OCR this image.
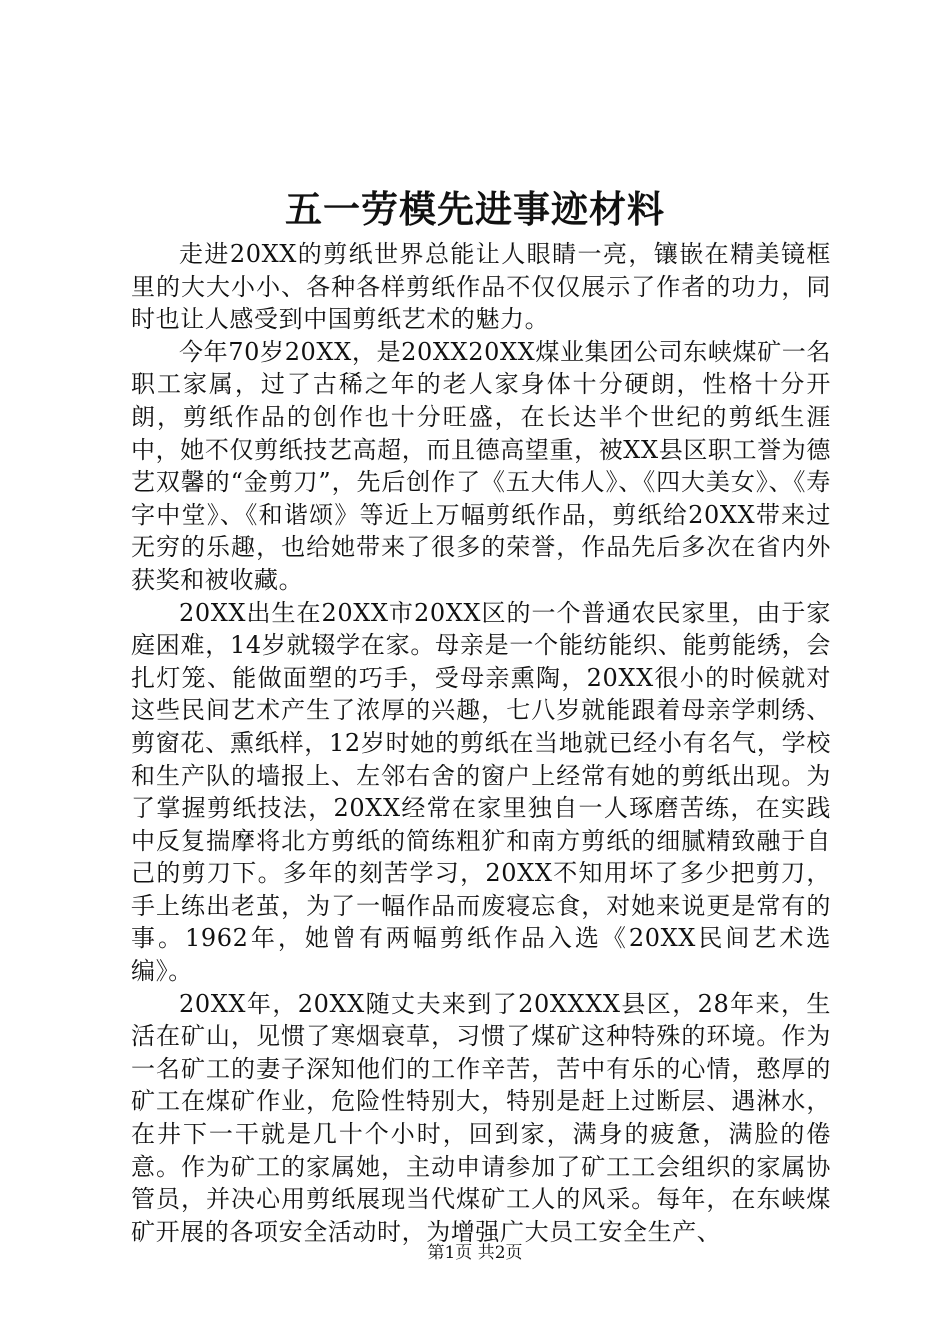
五一劳模先进事迹材料

走进20XX的剪纸世界总能让人眼睛一亮，镶嵌在精美镜框里的大大小小、各种各样剪纸作品不仅仅展示了作者的功力，同时也让人感受到中国剪纸艺术的魅力。

今年70岁20XX，是20XX20XX煤业集团公司东峡煤矿一名职工家属，过了古稀之年的老人家身体十分硬朗，性格十分开朗，剪纸作品的创作也十分旺盛，在长达半个世纪的剪纸生涯中，她不仅剪纸技艺高超，而且德高望重，被XX县区职工誉为德艺双馨的“金剪刀”，先后创作了《五大伟人》、《四大美女》、《寿字中堂》、《和谐颂》等近上万幅剪纸作品，剪纸给20XX带来过无穷的乐趣，也给她带来了很多的荣誉，作品先后多次在省内外获奖和被收藏。

20XX出生在20XX市20XX区的一个普通农民家里，由于家庭困难，14岁就辍学在家。母亲是一个能纺能织、能剪能绣，会扎灯笼、能做面塑的巧手，受母亲熏陶，20XX很小的时候就对这些民间艺术产生了浓厚的兴趣，七八岁就能跟着母亲学刺绣、剪窗花、熏纸样，12岁时她的剪纸在当地就已经小有名气，学校和生产队的墙报上、左邻右舍的窗户上经常有她的剪纸出现。为了掌握剪纸技法，20XX经常在家里独自一人琢磨苦练，在实践中反复揣摩将北方剪纸的简练粗犷和南方剪纸的细腻精致融于自己的剪刀下。多年的刻苦学习，20XX不知用坏了多少把剪刀，手上练出老茧，为了一幅作品而废寝忘食，对她来说更是常有的事。1962年，她曾有两幅剪纸作品入选《20XX民间艺术选编》。

20XX年，20XX随丈夫来到了20XXXX县区，28年来，生活在矿山，见惯了寒烟衰草，习惯了煤矿这种特殊的环境。作为一名矿工的妻子深知他们的工作辛苦，苦中有乐的心情，憨厚的矿工在煤矿作业，危险性特别大，特别是赶上过断层、遇淋水，在井下一干就是几十个小时，回到家，满身的疲惫，满脸的倦意。作为矿工的家属她，主动申请参加了矿工工会组织的家属协管员，并决心用剪纸展现当代煤矿工人的风采。每年，在东峡煤矿开展的各项安全活动时，为增强广大员工安全生产、

第1页 共2页
